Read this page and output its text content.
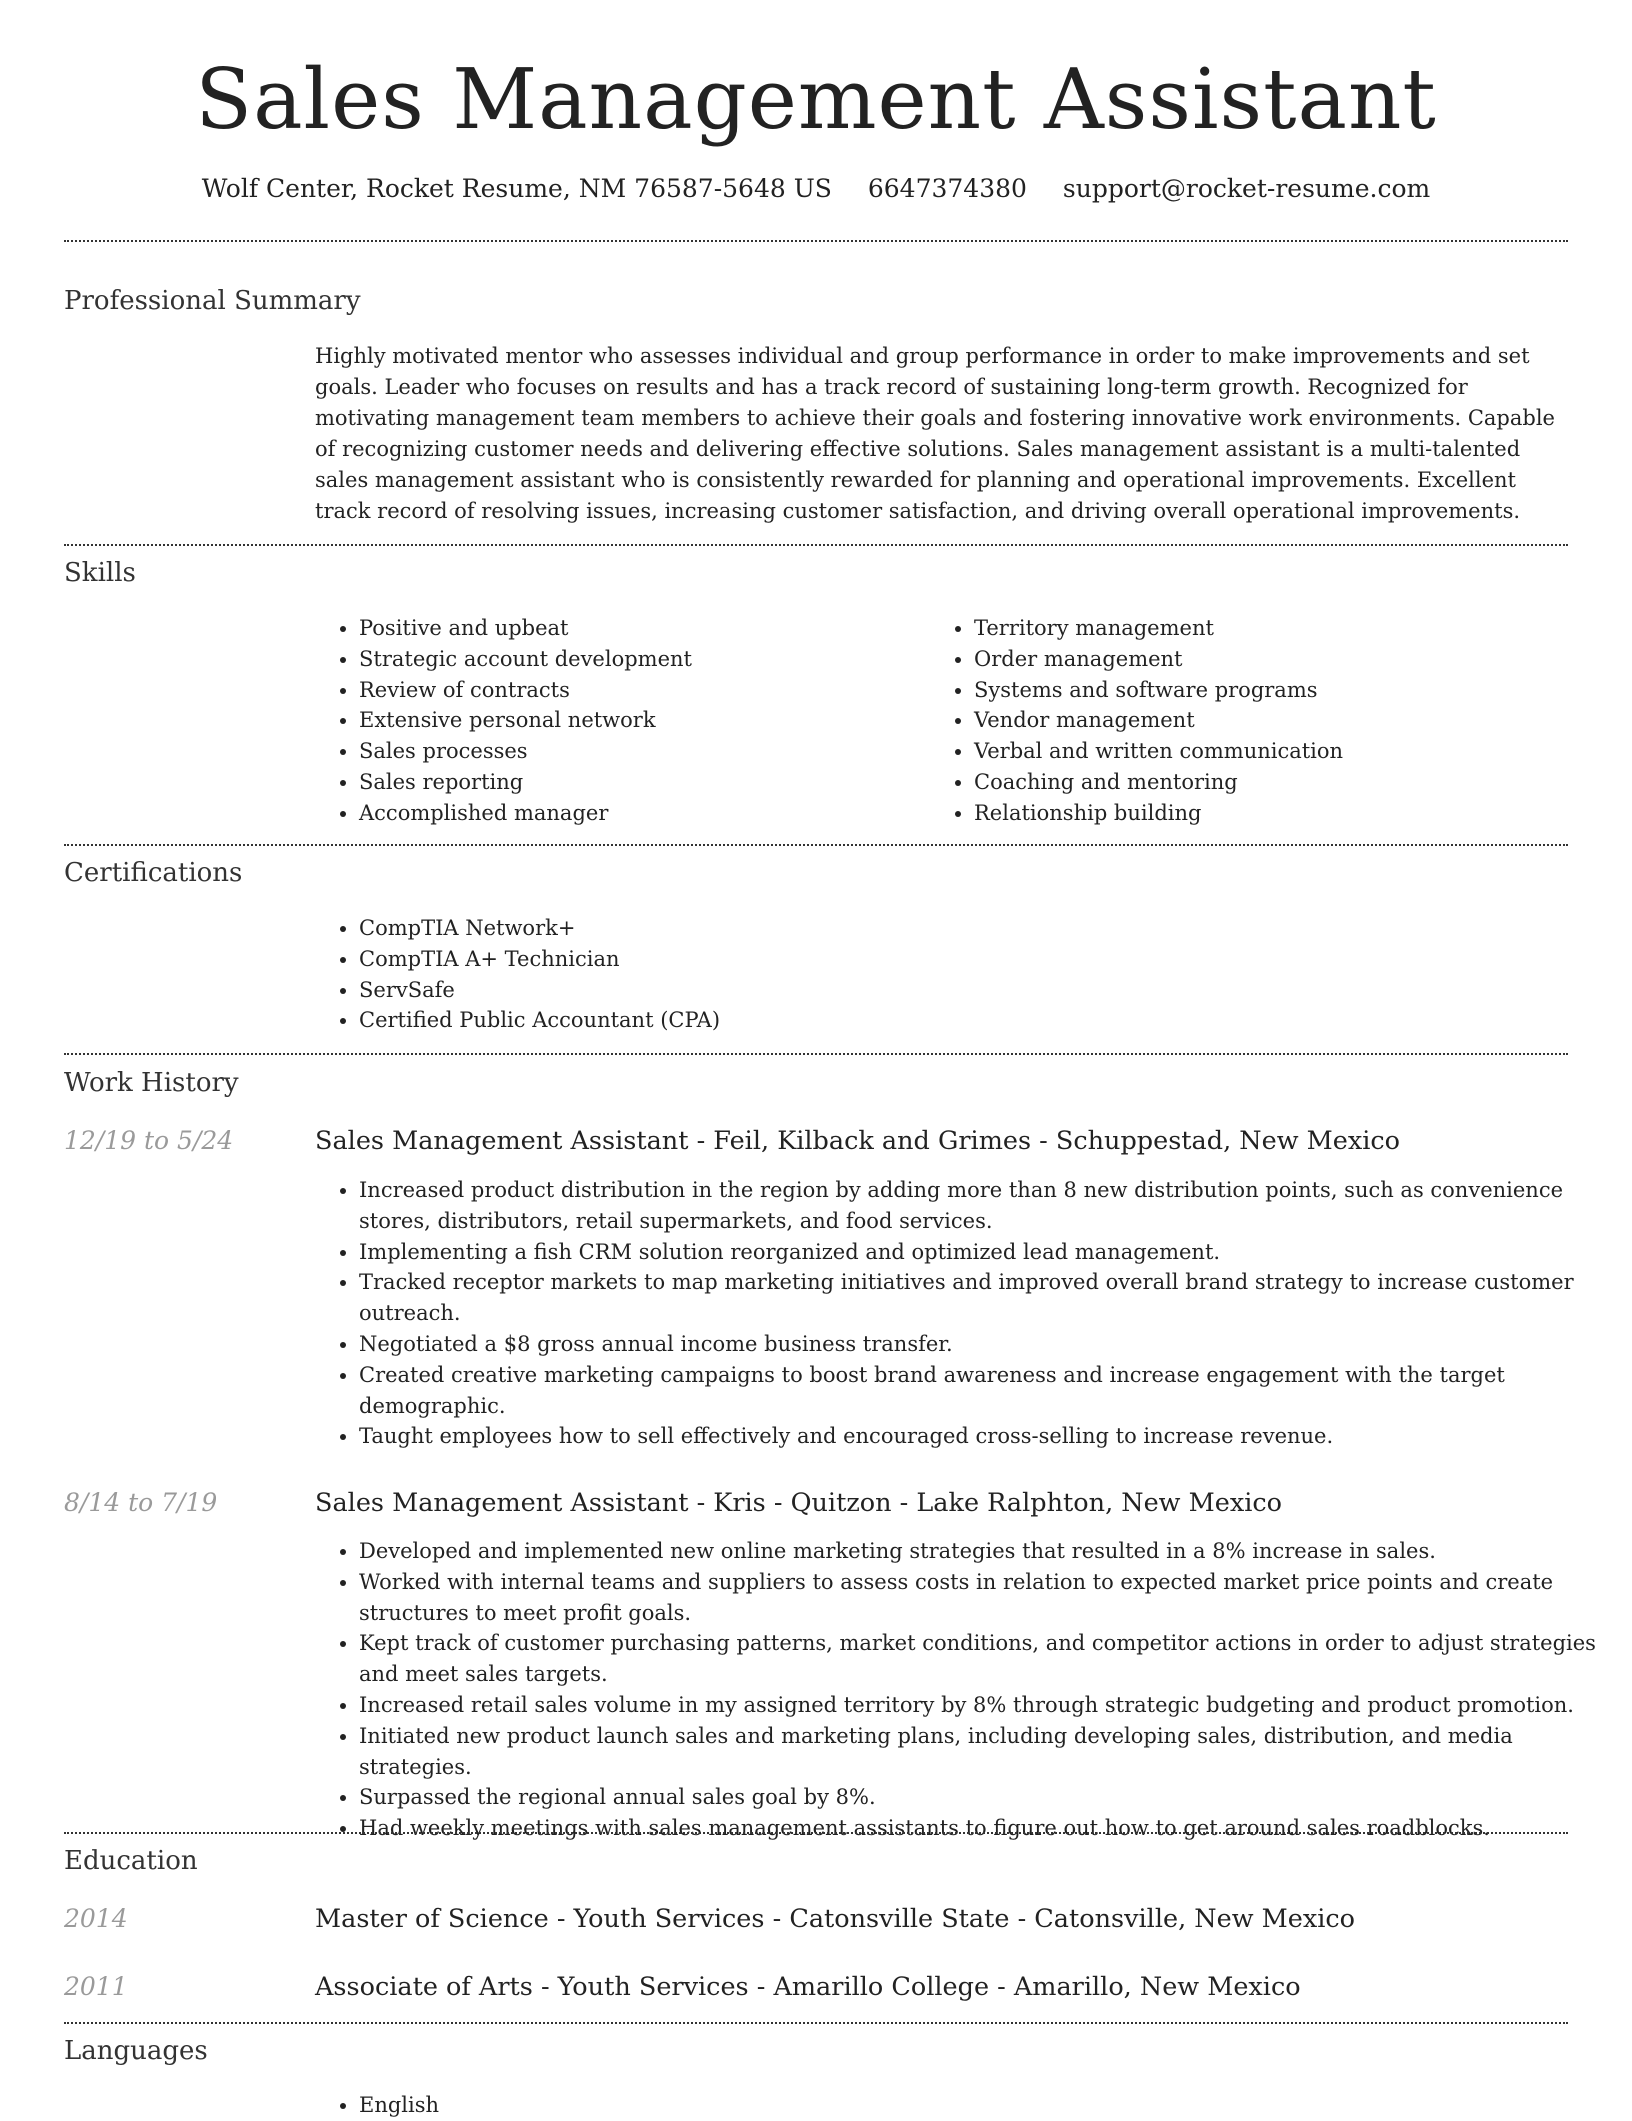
Sales Management Assistant
Wolf Center, Rocket Resume, NM 76587-5648 US 6647374380 support@rocket-resume.com
Professional Summary

Highly motivated mentor who assesses individual and group performance in order to make improvements and set goals. Leader who focuses on results and has a track record of sustaining long-term growth. Recognized for motivating management team members to achieve their goals and fostering innovative work environments. Capable of recognizing customer needs and delivering effective solutions. Sales management assistant is a multi-talented sales management assistant who is consistently rewarded for planning and operational improvements. Excellent track record of resolving issues, increasing customer satisfaction, and driving overall operational improvements.

Skills
• Positive and upbeat
• Strategic account development
• Review of contracts
• Extensive personal network
• Sales processes
• Sales reporting
• Accomplished manager
• Territory management
• Order management
• Systems and software programs
• Vendor management
• Verbal and written communication
• Coaching and mentoring
• Relationship building
Certifications
• CompTIA Network+
• CompTIA A+ Technician
• ServSafe
• Certified Public Accountant (CPA)
Work History
12/19 to 5/24	Sales Management Assistant - Feil, Kilback and Grimes - Schuppestad, New Mexico
• Increased product distribution in the region by adding more than 8 new distribution points, such as convenience stores, distributors, retail supermarkets, and food services.
• Implementing a fish CRM solution reorganized and optimized lead management.
• Tracked receptor markets to map marketing initiatives and improved overall brand strategy to increase customer outreach.
• Negotiated a $8 gross annual income business transfer.
• Created creative marketing campaigns to boost brand awareness and increase engagement with the target demographic.
• Taught employees how to sell effectively and encouraged cross-selling to increase revenue.
8/14 to 7/19	Sales Management Assistant - Kris - Quitzon - Lake Ralphton, New Mexico
• Developed and implemented new online marketing strategies that resulted in a 8% increase in sales.
• Worked with internal teams and suppliers to assess costs in relation to expected market price points and create structures to meet profit goals.
• Kept track of customer purchasing patterns, market conditions, and competitor actions in order to adjust strategies and meet sales targets.
• Increased retail sales volume in my assigned territory by 8% through strategic budgeting and product promotion.
• Initiated new product launch sales and marketing plans, including developing sales, distribution, and media strategies.
• Surpassed the regional annual sales goal by 8%.
• Had weekly meetings with sales management assistants to figure out how to get around sales roadblocks.
Education
2014	Master of Science - Youth Services - Catonsville State - Catonsville, New Mexico
2011	Associate of Arts - Youth Services - Amarillo College - Amarillo, New Mexico
Languages
• English
